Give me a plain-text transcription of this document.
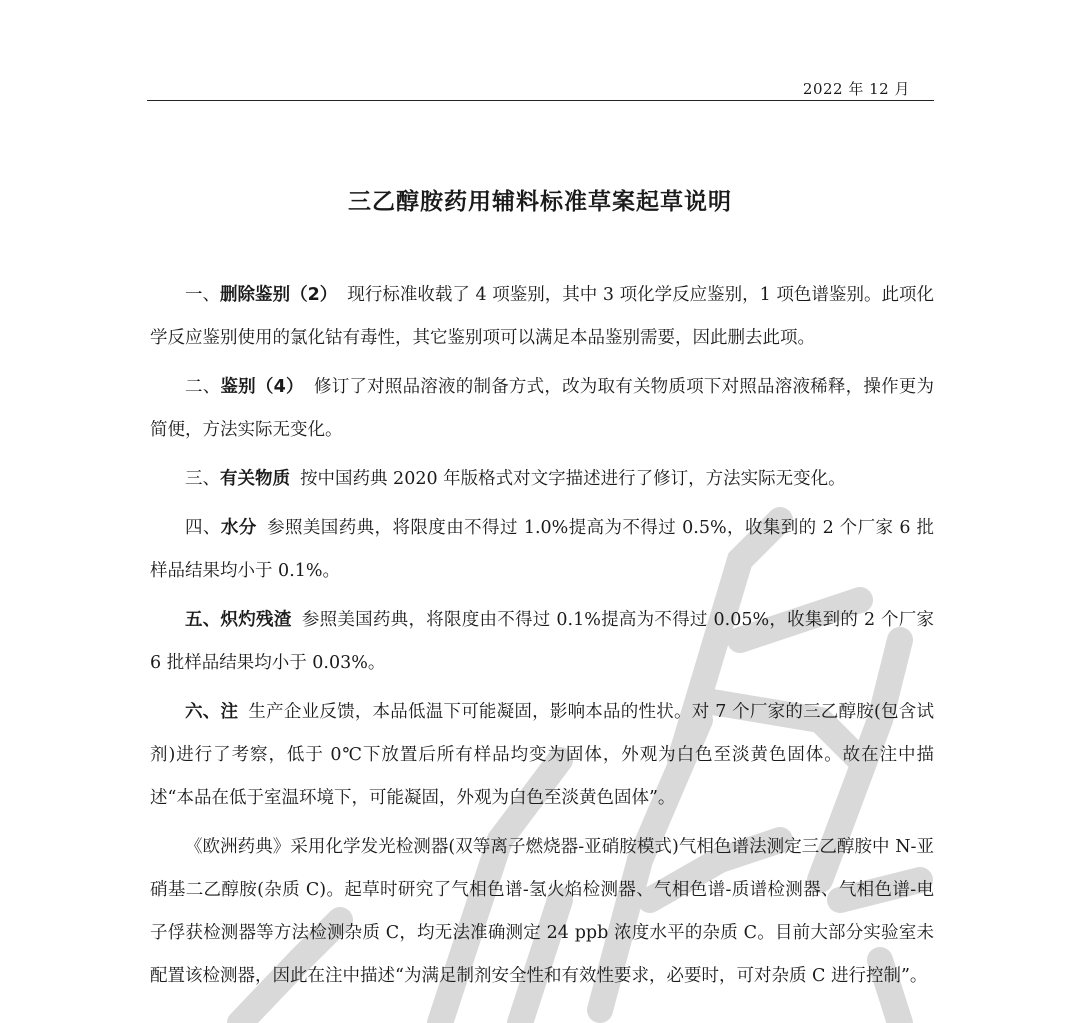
2022 年 12 月
三乙醇胺药用辅料标准草案起草说明

一、删除鉴别（2） 现行标准收载了 4 项鉴别，其中 3 项化学反应鉴别，1 项色谱鉴别。此项化学反应鉴别使用的氯化钴有毒性，其它鉴别项可以满足本品鉴别需要，因此删去此项。

二、鉴别（4） 修订了对照品溶液的制备方式，改为取有关物质项下对照品溶液稀释，操作更为简便，方法实际无变化。

三、有关物质 按中国药典 2020 年版格式对文字描述进行了修订，方法实际无变化。

四、水分 参照美国药典，将限度由不得过 1.0%提高为不得过 0.5%，收集到的 2 个厂家 6 批样品结果均小于 0.1%。

五、炽灼残渣 参照美国药典，将限度由不得过 0.1%提高为不得过 0.05%，收集到的 2 个厂家 6 批样品结果均小于 0.03%。

六、注 生产企业反馈，本品低温下可能凝固，影响本品的性状。对 7 个厂家的三乙醇胺(包含试剂)进行了考察，低于 0℃下放置后所有样品均变为固体，外观为白色至淡黄色固体。故在注中描述“本品在低于室温环境下，可能凝固，外观为白色至淡黄色固体”。

《欧洲药典》采用化学发光检测器(双等离子燃烧器-亚硝胺模式)气相色谱法测定三乙醇胺中 N-亚硝基二乙醇胺(杂质 C)。起草时研究了气相色谱-氢火焰检测器、气相色谱-质谱检测器、气相色谱-电子俘获检测器等方法检测杂质 C，均无法准确测定 24 ppb 浓度水平的杂质 C。目前大部分实验室未配置该检测器，因此在注中描述“为满足制剂安全性和有效性要求，必要时，可对杂质 C 进行控制”。
